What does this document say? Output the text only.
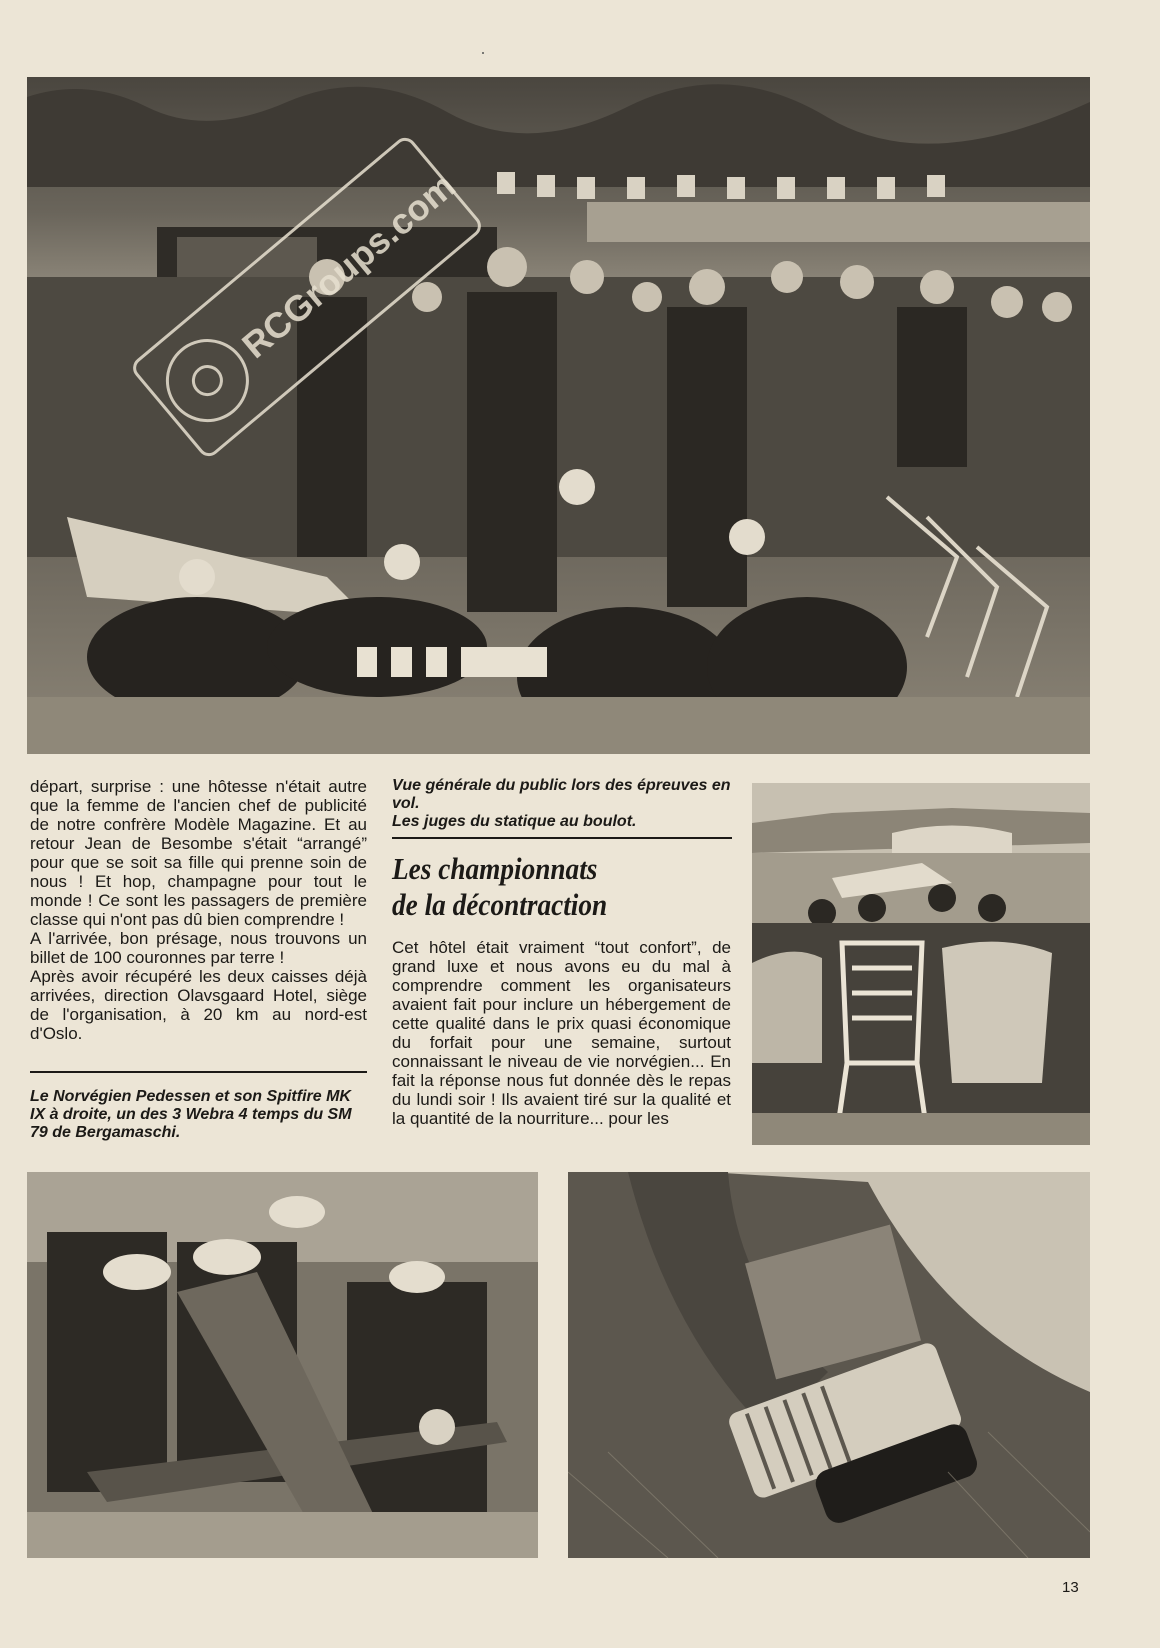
RCGroups.com

départ, surprise : une hôtesse n'était autre que la femme de l'ancien chef de publicité de notre confrère Modèle Magazine. Et au retour Jean de Besombe s'était “arrangé” pour que se soit sa fille qui prenne soin de nous ! Et hop, champagne pour tout le monde ! Ce sont les passagers de première classe qui n'ont pas dû bien comprendre !

A l'arrivée, bon présage, nous trouvons un billet de 100 couronnes par terre !

Après avoir récupéré les deux caisses déjà arrivées, direction Olavsgaard Hotel, siège de l'organisation, à 20 km au nord-est d'Oslo.

Le Norvégien Pedessen et son Spitfire MK IX à droite, un des 3 Webra 4 temps du SM 79 de Bergamaschi.
Vue générale du public lors des épreuves en vol.
Les juges du statique au boulot.
Les championnats
de la décontraction
Cet hôtel était vraiment “tout confort”, de grand luxe et nous avons eu du mal à comprendre comment les organisateurs avaient fait pour inclure un hébergement de cette qualité dans le prix quasi économique du forfait pour une semaine, surtout connaissant le niveau de vie norvégien... En fait la réponse nous fut donnée dès le repas du lundi soir ! Ils avaient tiré sur la qualité et la quantité de la nourriture... pour les
13
